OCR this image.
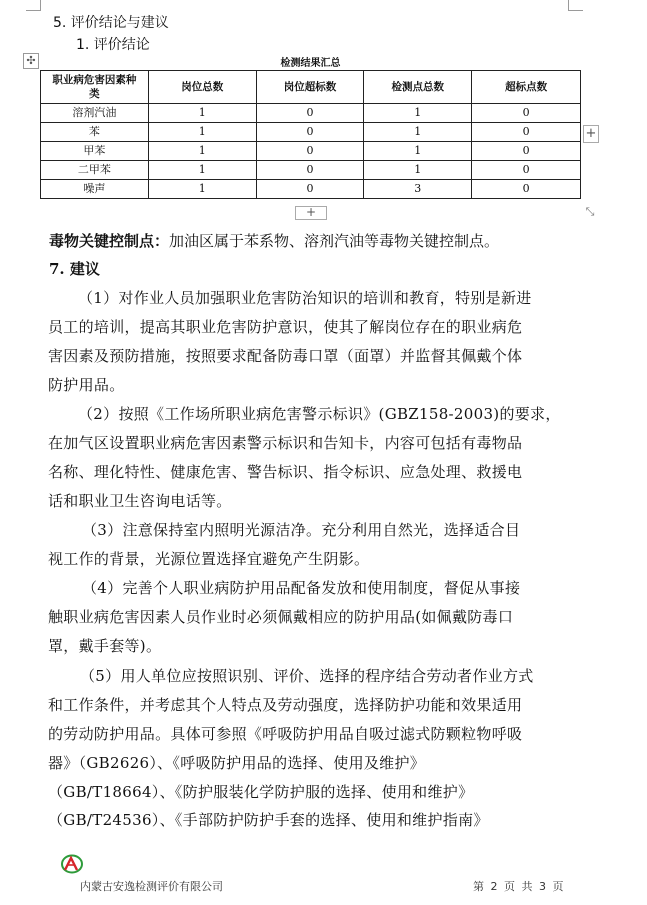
5. 评价结论与建议
1. 评价结论
✣	检测结果汇总
职业病危害因素种类	岗位总数	岗位超标数	检测点总数	超标点数
溶剂汽油	1	0	1	0
苯	1	0	1	0
甲苯	1	0	1	0
二甲苯	1	0	1	0
噪声	1	0	3	0
+
+	⤡
毒物关键控制点：加油区属于苯系物、溶剂汽油等毒物关键控制点。
7. 建议
（1）对作业人员加强职业危害防治知识的培训和教育，特别是新进
员工的培训，提高其职业危害防护意识，使其了解岗位存在的职业病危
害因素及预防措施，按照要求配备防毒口罩（面罩）并监督其佩戴个体
防护用品。
（2）按照《工作场所职业病危害警示标识》(GBZ158-2003)的要求，
在加气区设置职业病危害因素警示标识和告知卡，内容可包括有毒物品
名称、理化特性、健康危害、警告标识、指令标识、应急处理、救援电
话和职业卫生咨询电话等。
（3）注意保持室内照明光源洁净。充分利用自然光，选择适合目
视工作的背景，光源位置选择宜避免产生阴影。
（4）完善个人职业病防护用品配备发放和使用制度，督促从事接
触职业病危害因素人员作业时必须佩戴相应的防护用品(如佩戴防毒口
罩，戴手套等)。
（5）用人单位应按照识别、评价、选择的程序结合劳动者作业方式
和工作条件，并考虑其个人特点及劳动强度，选择防护功能和效果适用
的劳动防护用品。具体可参照《呼吸防护用品自吸过滤式防颗粒物呼吸
器》（GB2626）、《呼吸防护用品的选择、使用及维护》
（GB/T18664）、《防护服装化学防护服的选择、使用和维护》
（GB/T24536）、《手部防护防护手套的选择、使用和维护指南》
内蒙古安逸检测评价有限公司	第 2 页 共 3 页
